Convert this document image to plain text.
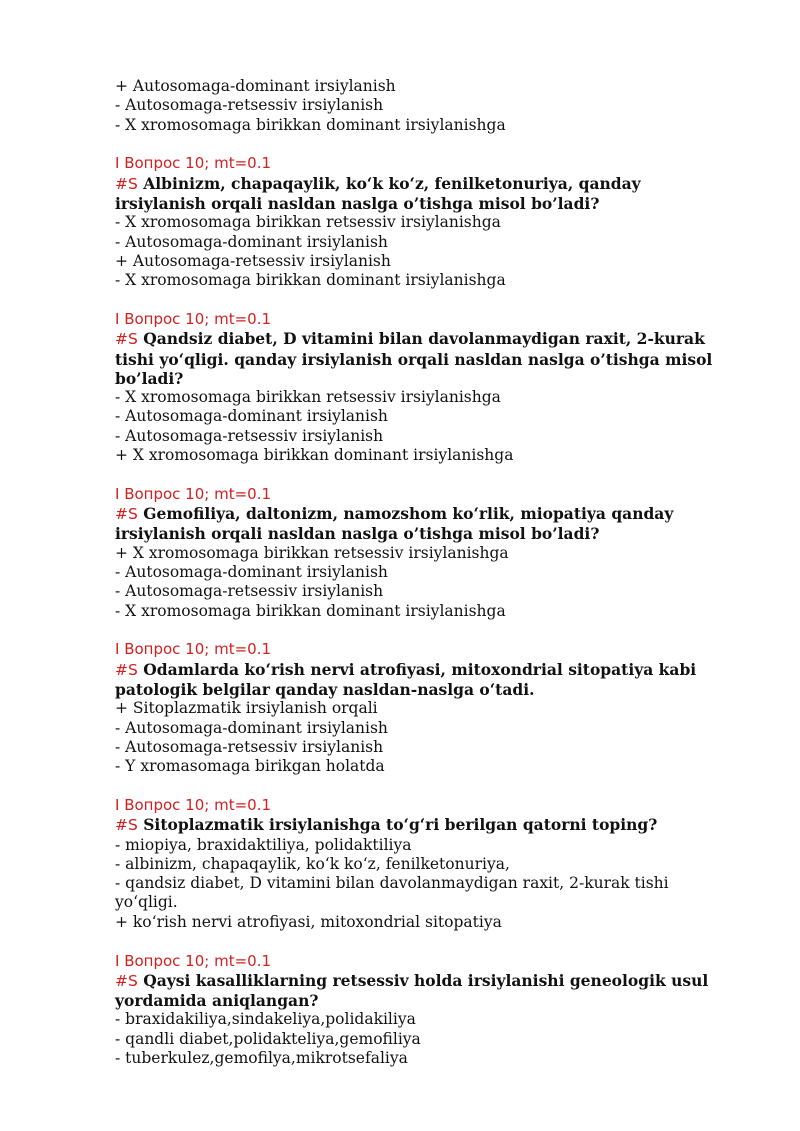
+ Autosomaga-dominant irsiylanish
- Autosomaga-retsessiv irsiylanish
- X xromosomaga birikkan dominant irsiylanishga
I Вопрос 10; mt=0.1
#S Albinizm, chapaqaylik, ko‘k ko‘z, fenilketonuriya, qanday irsiylanish orqali nasldan naslga o’tishga misol bo’ladi?
- X xromosomaga birikkan retsessiv irsiylanishga
- Autosomaga-dominant irsiylanish
+ Autosomaga-retsessiv irsiylanish
- X xromosomaga birikkan dominant irsiylanishga
I Вопрос 10; mt=0.1
#S Qandsiz diabet, D vitamini bilan davolanmaydigan raxit, 2-kurak tishi yo‘qligi. qanday irsiylanish orqali nasldan naslga o’tishga misol bo’ladi?
- X xromosomaga birikkan retsessiv irsiylanishga
- Autosomaga-dominant irsiylanish
- Autosomaga-retsessiv irsiylanish
+ X xromosomaga birikkan dominant irsiylanishga
I Вопрос 10; mt=0.1
#S Gemofiliya, daltonizm, namozshom ko‘rlik, miopatiya qanday irsiylanish orqali nasldan naslga o’tishga misol bo’ladi?
+ X xromosomaga birikkan retsessiv irsiylanishga
- Autosomaga-dominant irsiylanish
- Autosomaga-retsessiv irsiylanish
- X xromosomaga birikkan dominant irsiylanishga
I Вопрос 10; mt=0.1
#S Odamlarda ko‘rish nervi atrofiyasi, mitoxondrial sitopatiya kabi patologik belgilar qanday nasldan-naslga o‘tadi.
+ Sitoplazmatik irsiylanish orqali
- Autosomaga-dominant irsiylanish
- Autosomaga-retsessiv irsiylanish
- Y xromasomaga birikgan holatda
I Вопрос 10; mt=0.1
#S Sitoplazmatik irsiylanishga to‘g‘ri berilgan qatorni toping?
- miopiya, braxidaktiliya, polidaktiliya
- albinizm, chapaqaylik, ko‘k ko‘z, fenilketonuriya,
- qandsiz diabet, D vitamini bilan davolanmaydigan raxit, 2-kurak tishi yo‘qligi.
+ ko‘rish nervi atrofiyasi, mitoxondrial sitopatiya
I Вопрос 10; mt=0.1
#S Qaysi kasalliklarning retsessiv holda irsiylanishi geneologik usul yordamida aniqlangan?
- braxidakiliya,sindakeliya,polidakiliya
- qandli diabet,polidakteliya,gemofiliya
- tuberkulez,gemofilya,mikrotsefaliya
